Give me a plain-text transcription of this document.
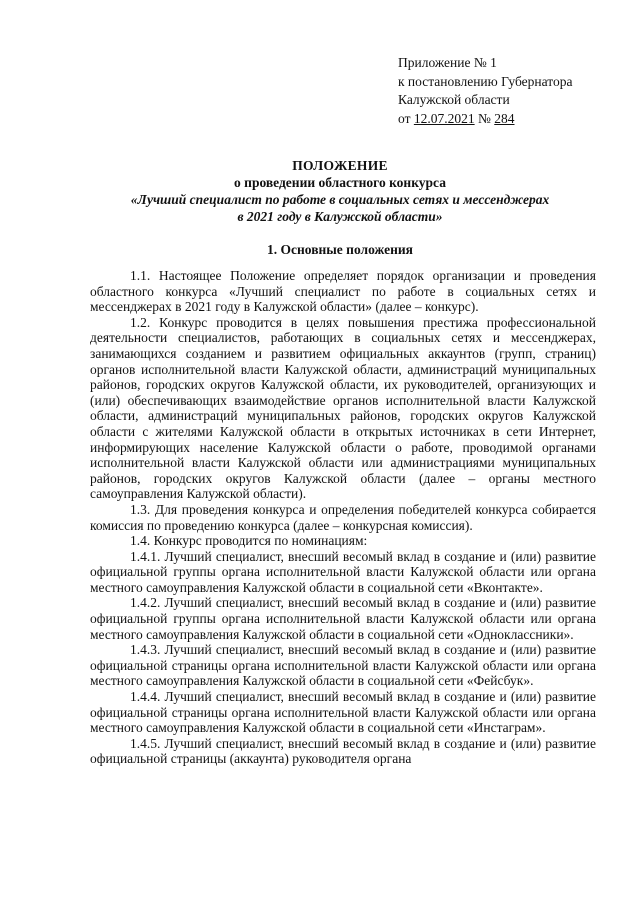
Приложение № 1
к постановлению Губернатора
Калужской области
от 12.07.2021 № 284
ПОЛОЖЕНИЕ
о проведении областного конкурса
«Лучший специалист по работе в социальных сетях и мессенджерах
в 2021 году в Калужской области»
1. Основные положения

1.1. Настоящее Положение определяет порядок организации и проведения областного конкурса «Лучший специалист по работе в социальных сетях и мессенджерах в 2021 году в Калужской области» (далее – конкурс).

1.2. Конкурс проводится в целях повышения престижа профессиональной деятельности специалистов, работающих в социальных сетях и мессенджерах, занимающихся созданием и развитием официальных аккаунтов (групп, страниц) органов исполнительной власти Калужской области, администраций муниципальных районов, городских округов Калужской области, их руководителей, организующих и (или) обеспечивающих взаимодействие органов исполнительной власти Калужской области, администраций муниципальных районов, городских округов Калужской области с жителями Калужской области в открытых источниках в сети Интернет, информирующих население Калужской области о работе, проводимой органами исполнительной власти Калужской области или администрациями муниципальных районов, городских округов Калужской области (далее – органы местного самоуправления Калужской области).

1.3. Для проведения конкурса и определения победителей конкурса собирается комиссия по проведению конкурса (далее – конкурсная комиссия).

1.4. Конкурс проводится по номинациям:

1.4.1. Лучший специалист, внесший весомый вклад в создание и (или) развитие официальной группы органа исполнительной власти Калужской области или органа местного самоуправления Калужской области в социальной сети «Вконтакте».

1.4.2. Лучший специалист, внесший весомый вклад в создание и (или) развитие официальной группы органа исполнительной власти Калужской области или органа местного самоуправления Калужской области в социальной сети «Одноклассники».

1.4.3. Лучший специалист, внесший весомый вклад в создание и (или) развитие официальной страницы органа исполнительной власти Калужской области или органа местного самоуправления Калужской области в социальной сети «Фейсбук».

1.4.4. Лучший специалист, внесший весомый вклад в создание и (или) развитие официальной страницы органа исполнительной власти Калужской области или органа местного самоуправления Калужской области в социальной сети «Инстаграм».

1.4.5. Лучший специалист, внесший весомый вклад в создание и (или) развитие официальной страницы (аккаунта) руководителя органа
